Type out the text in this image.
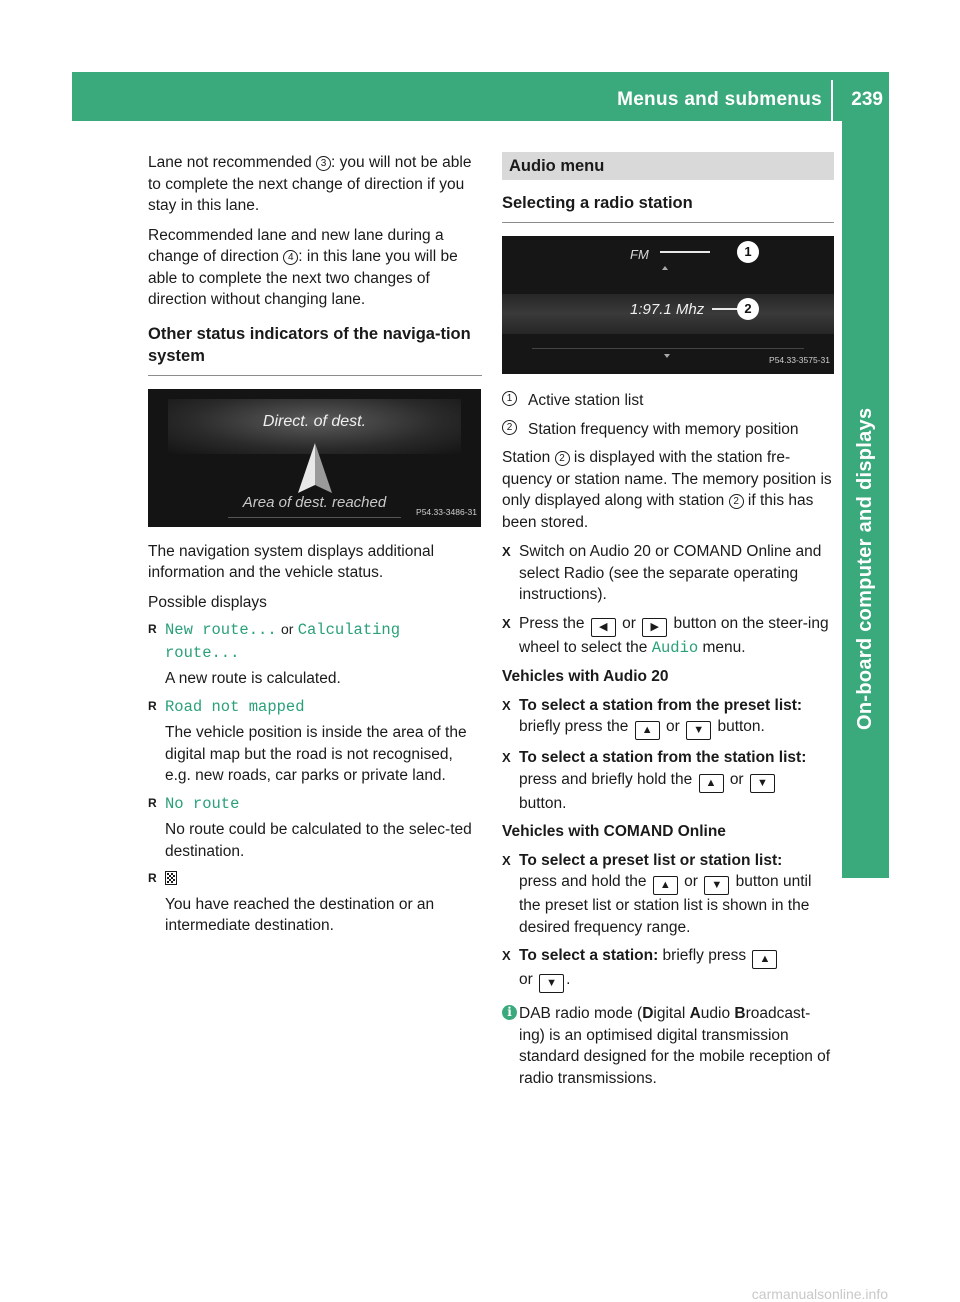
Menus and submenus 239
On-board computer and displays

Lane not recommended 3 : you will not be able to complete the next change of direction if you stay in this lane.

Recommended lane and new lane during a change of direction 4 : in this lane you will be able to complete the next two changes of direction without changing lane.

Other status indicators of the naviga-tion system
Direct. of dest.
Area of dest. reached
P54.33-3486-31

The navigation system displays additional information and the vehicle status.

Possible displays

R New route... or Calculating route...
A new route is calculated.
R Road not mapped
The vehicle position is inside the area of the digital map but the road is not recognised, e.g. new roads, car parks or private land.
R No route
No route could be calculated to the selec-ted destination.
R You have reached the destination or an intermediate destination.
Audio menu
Selecting a radio station
FM	1
1:97.1 Mhz	2
P54.33-3575-31
1	Active station list
2	Station frequency with memory position

Station 2 is displayed with the station fre-quency or station name. The memory position is only displayed along with station 2 if this has been stored.

X Switch on Audio 20 or COMAND Online and select Radio (see the separate operating instructions).
X Press the ◀ or ▶ button on the steer-ing wheel to select the Audio menu.

Vehicles with Audio 20

X To select a station from the preset list:
briefly press the ▲ or ▼ button.
X To select a station from the station list:
press and briefly hold the ▲ or ▼
button.

Vehicles with COMAND Online

X To select a preset list or station list:
press and hold the ▲ or ▼ button until the preset list or station list is shown in the desired frequency range.
X To select a station: briefly press ▲
or ▼ .
i DAB radio mode (Digital Audio Broadcast-ing) is an optimised digital transmission standard designed for the mobile reception of radio transmissions.
carmanualsonline.info
